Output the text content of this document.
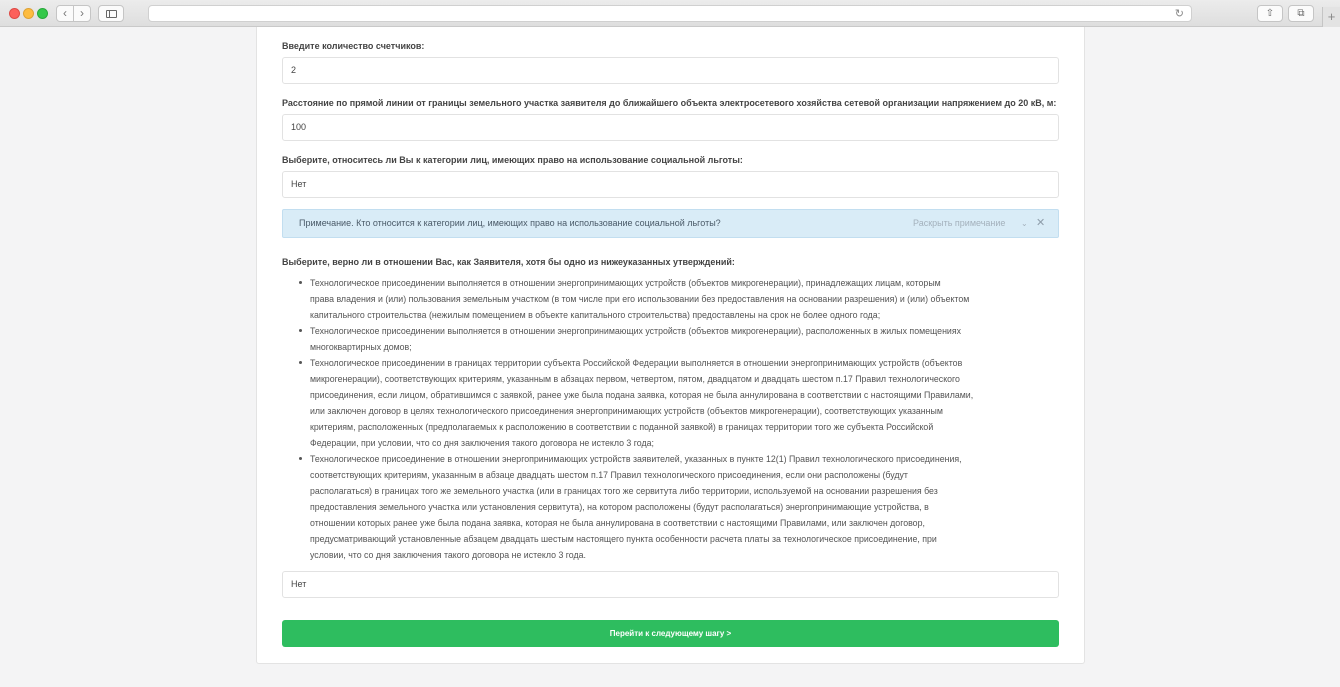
‹	›	↻	⇧	⧉	+
Введите количество счетчиков:
2
Расстояние по прямой линии от границы земельного участка заявителя до ближайшего объекта электросетевого хозяйства сетевой организации напряжением до 20 кВ, м:
100
Выберите, относитесь ли Вы к категории лиц, имеющих право на использование социальной льготы:
Нет
Примечание. Кто относится к категории лиц, имеющих право на использование социальной льготы?	Раскрыть примечание ⌄ ✕
Выберите, верно ли в отношении Вас, как Заявителя, хотя бы одно из нижеуказанных утверждений:
Технологическое присоединении выполняется в отношении энергопринимающих устройств (объектов микрогенерации), принадлежащих лицам, которым
права владения и (или) пользования земельным участком (в том числе при его использовании без предоставления на основании разрешения) и (или) объектом
капитального строительства (нежилым помещением в объекте капитального строительства) предоставлены на срок не более одного года;
Технологическое присоединении выполняется в отношении энергопринимающих устройств (объектов микрогенерации), расположенных в жилых помещениях
многоквартирных домов;
Технологическое присоединении в границах территории субъекта Российской Федерации выполняется в отношении энергопринимающих устройств (объектов
микрогенерации), соответствующих критериям, указанным в абзацах первом, четвертом, пятом, двадцатом и двадцать шестом п.17 Правил технологического
присоединения, если лицом, обратившимся с заявкой, ранее уже была подана заявка, которая не была аннулирована в соответствии с настоящими Правилами,
или заключен договор в целях технологического присоединения энергопринимающих устройств (объектов микрогенерации), соответствующих указанным
критериям, расположенных (предполагаемых к расположению в соответствии с поданной заявкой) в границах территории того же субъекта Российской
Федерации, при условии, что со дня заключения такого договора не истекло 3 года;
Технологическое присоединение в отношении энергопринимающих устройств заявителей, указанных в пункте 12(1) Правил технологического присоединения,
соответствующих критериям, указанным в абзаце двадцать шестом п.17 Правил технологического присоединения, если они расположены (будут
располагаться) в границах того же земельного участка (или в границах того же сервитута либо территории, используемой на основании разрешения без
предоставления земельного участка или установления сервитута), на котором расположены (будут располагаться) энергопринимающие устройства, в
отношении которых ранее уже была подана заявка, которая не была аннулирована в соответствии с настоящими Правилами, или заключен договор,
предусматривающий установленные абзацем двадцать шестым настоящего пункта особенности расчета платы за технологическое присоединение, при
условии, что со дня заключения такого договора не истекло 3 года.
Нет
Перейти к следующему шагу >
